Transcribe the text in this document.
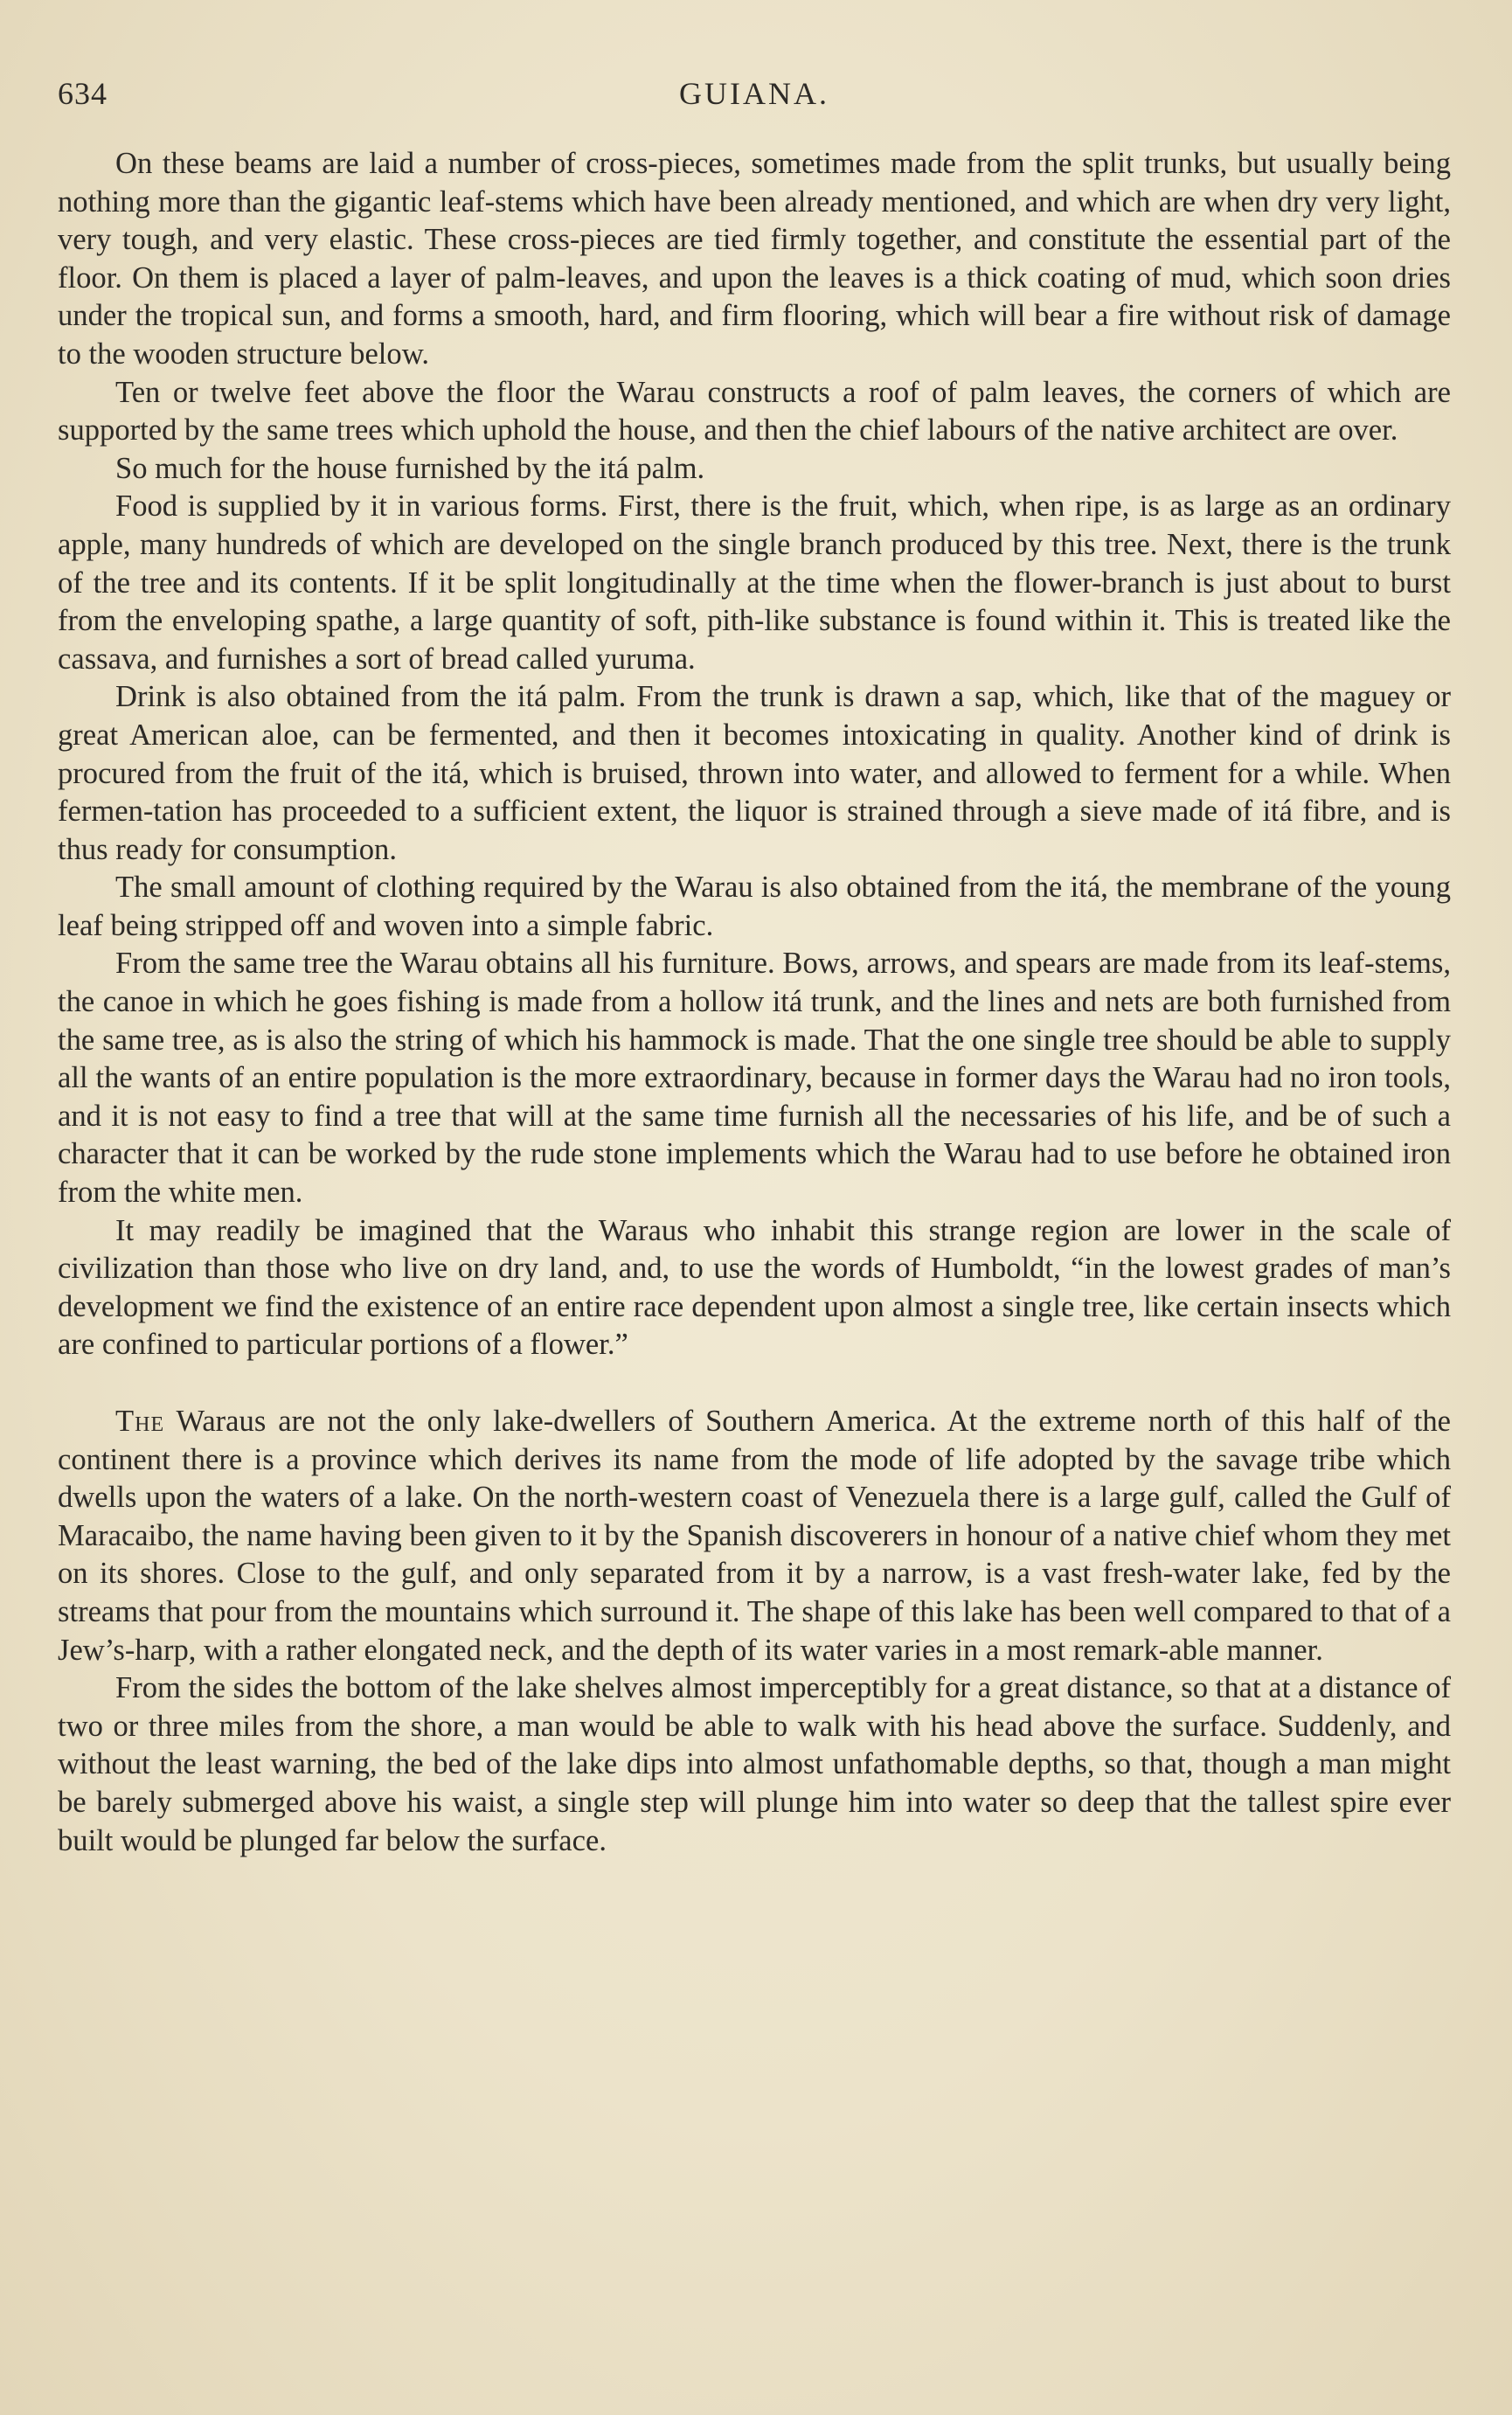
634	GUIANA.

On these beams are laid a number of cross-pieces, sometimes made from the split trunks, but usually being nothing more than the gigantic leaf-stems which have been already mentioned, and which are when dry very light, very tough, and very elastic. These cross-pieces are tied firmly together, and constitute the essential part of the floor. On them is placed a layer of palm-leaves, and upon the leaves is a thick coating of mud, which soon dries under the tropical sun, and forms a smooth, hard, and firm flooring, which will bear a fire without risk of damage to the wooden structure below.

Ten or twelve feet above the floor the Warau constructs a roof of palm leaves, the corners of which are supported by the same trees which uphold the house, and then the chief labours of the native architect are over.

So much for the house furnished by the itá palm.

Food is supplied by it in various forms. First, there is the fruit, which, when ripe, is as large as an ordinary apple, many hundreds of which are developed on the single branch produced by this tree. Next, there is the trunk of the tree and its contents. If it be split longitudinally at the time when the flower-branch is just about to burst from the enveloping spathe, a large quantity of soft, pith-like substance is found within it. This is treated like the cassava, and furnishes a sort of bread called yuruma.

Drink is also obtained from the itá palm. From the trunk is drawn a sap, which, like that of the maguey or great American aloe, can be fermented, and then it becomes intoxicating in quality. Another kind of drink is procured from the fruit of the itá, which is bruised, thrown into water, and allowed to ferment for a while. When fermen-tation has proceeded to a sufficient extent, the liquor is strained through a sieve made of itá fibre, and is thus ready for consumption.

The small amount of clothing required by the Warau is also obtained from the itá, the membrane of the young leaf being stripped off and woven into a simple fabric.

From the same tree the Warau obtains all his furniture. Bows, arrows, and spears are made from its leaf-stems, the canoe in which he goes fishing is made from a hollow itá trunk, and the lines and nets are both furnished from the same tree, as is also the string of which his hammock is made. That the one single tree should be able to supply all the wants of an entire population is the more extraordinary, because in former days the Warau had no iron tools, and it is not easy to find a tree that will at the same time furnish all the necessaries of his life, and be of such a character that it can be worked by the rude stone implements which the Warau had to use before he obtained iron from the white men.

It may readily be imagined that the Waraus who inhabit this strange region are lower in the scale of civilization than those who live on dry land, and, to use the words of Humboldt, “in the lowest grades of man’s development we find the existence of an entire race dependent upon almost a single tree, like certain insects which are confined to particular portions of a flower.”

The Waraus are not the only lake-dwellers of Southern America. At the extreme north of this half of the continent there is a province which derives its name from the mode of life adopted by the savage tribe which dwells upon the waters of a lake. On the north-western coast of Venezuela there is a large gulf, called the Gulf of Maracaibo, the name having been given to it by the Spanish discoverers in honour of a native chief whom they met on its shores. Close to the gulf, and only separated from it by a narrow, is a vast fresh-water lake, fed by the streams that pour from the mountains which surround it. The shape of this lake has been well compared to that of a Jew’s-harp, with a rather elongated neck, and the depth of its water varies in a most remark-able manner.

From the sides the bottom of the lake shelves almost imperceptibly for a great distance, so that at a distance of two or three miles from the shore, a man would be able to walk with his head above the surface. Suddenly, and without the least warning, the bed of the lake dips into almost unfathomable depths, so that, though a man might be barely submerged above his waist, a single step will plunge him into water so deep that the tallest spire ever built would be plunged far below the surface.
